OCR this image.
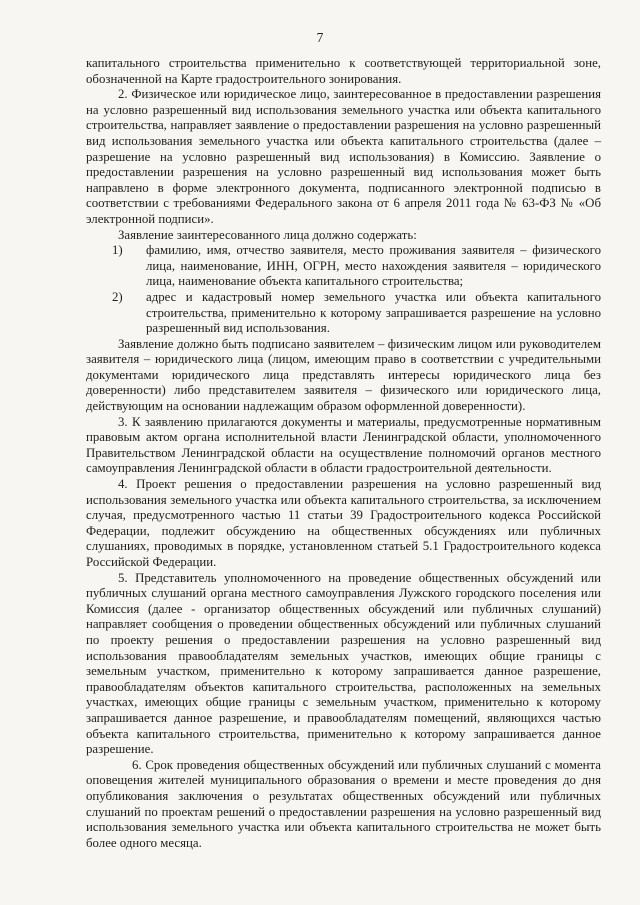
7

капитального строительства применительно к соответствующей территориальной зоне, обозначенной на Карте градостроительного зонирования.

2. Физическое или юридическое лицо, заинтересованное в предоставлении разрешения на условно разрешенный вид использования земельного участка или объекта капитального строительства, направляет заявление о предоставлении разрешения на условно разрешенный вид использования земельного участка или объекта капитального строительства (далее – разрешение на условно разрешенный вид использования) в Комиссию. Заявление о предоставлении разрешения на условно разрешенный вид использования может быть направлено в форме электронного документа, подписанного электронной подписью в соответствии с требованиями Федерального закона от 6 апреля 2011 года № 63-ФЗ № «Об электронной подписи».

Заявление заинтересованного лица должно содержать:

1) фамилию, имя, отчество заявителя, место проживания заявителя – физического лица, наименование, ИНН, ОГРН, место нахождения заявителя – юридического лица, наименование объекта капитального строительства;
2) адрес и кадастровый номер земельного участка или объекта капитального строительства, применительно к которому запрашивается разрешение на условно разрешенный вид использования.

Заявление должно быть подписано заявителем – физическим лицом или руководителем заявителя – юридического лица (лицом, имеющим право в соответствии с учредительными документами юридического лица представлять интересы юридического лица без доверенности) либо представителем заявителя – физического или юридического лица, действующим на основании надлежащим образом оформленной доверенности).

3. К заявлению прилагаются документы и материалы, предусмотренные нормативным правовым актом органа исполнительной власти Ленинградской области, уполномоченного Правительством Ленинградской области на осуществление полномочий органов местного самоуправления Ленинградской области в области градостроительной деятельности.

4. Проект решения о предоставлении разрешения на условно разрешенный вид использования земельного участка или объекта капитального строительства, за исключением случая, предусмотренного частью 11 статьи 39 Градостроительного кодекса Российской Федерации, подлежит обсуждению на общественных обсуждениях или публичных слушаниях, проводимых в порядке, установленном статьей 5.1 Градостроительного кодекса Российской Федерации.

5. Представитель уполномоченного на проведение общественных обсуждений или публичных слушаний органа местного самоуправления Лужского городского поселения или Комиссия (далее - организатор общественных обсуждений или публичных слушаний) направляет сообщения о проведении общественных обсуждений или публичных слушаний по проекту решения о предоставлении разрешения на условно разрешенный вид использования правообладателям земельных участков, имеющих общие границы с земельным участком, применительно к которому запрашивается данное разрешение, правообладателям объектов капитального строительства, расположенных на земельных участках, имеющих общие границы с земельным участком, применительно к которому запрашивается данное разрешение, и правообладателям помещений, являющихся частью объекта капитального строительства, применительно к которому запрашивается данное разрешение.

6. Срок проведения общественных обсуждений или публичных слушаний с момента оповещения жителей муниципального образования о времени и месте проведения до дня опубликования заключения о результатах общественных обсуждений или публичных слушаний по проектам решений о предоставлении разрешения на условно разрешенный вид использования земельного участка или объекта капитального строительства не может быть более одного месяца.
